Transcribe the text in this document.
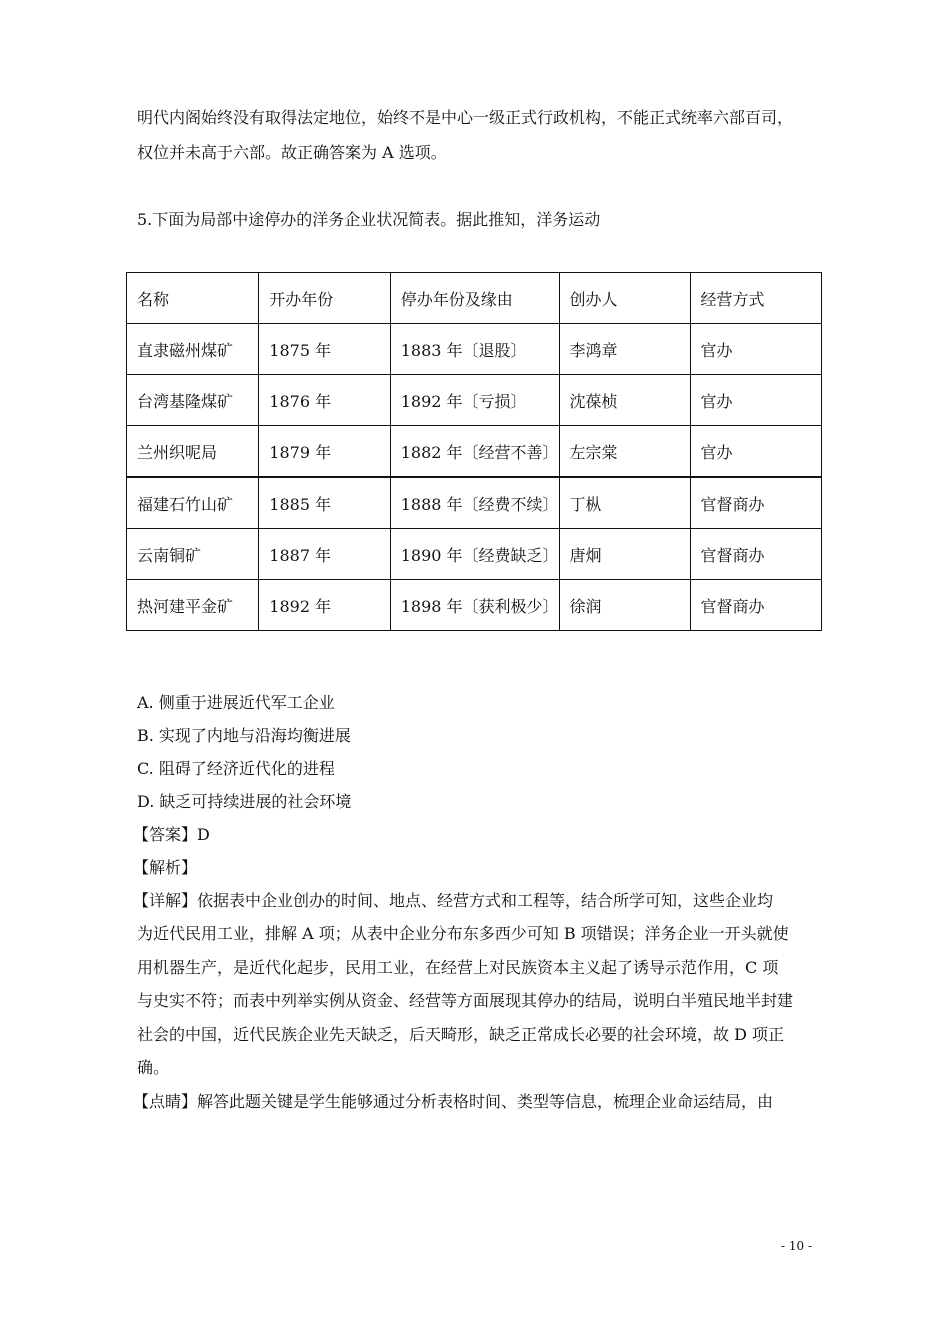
明代内阁始终没有取得法定地位，始终不是中心一级正式行政机构，不能正式统率六部百司，
权位并未高于六部。故正确答案为 A 选项。
5.下面为局部中途停办的洋务企业状况简表。据此推知，洋务运动
名称	开办年份	停办年份及缘由	创办人	经营方式
直隶磁州煤矿	1875 年	1883 年〔退股〕	李鸿章	官办
台湾基隆煤矿	1876 年	1892 年〔亏损〕	沈葆桢	官办
兰州织呢局	1879 年	1882 年〔经营不善〕	左宗棠	官办
福建石竹山矿	1885 年	1888 年〔经费不续〕	丁枞	官督商办
云南铜矿	1887 年	1890 年〔经费缺乏〕	唐炯	官督商办
热河建平金矿	1892 年	1898 年〔获利极少〕	徐润	官督商办
A. 侧重于进展近代军工企业
B. 实现了内地与沿海均衡进展
C. 阻碍了经济近代化的进程
D. 缺乏可持续进展的社会环境
【答案】D
【解析】
【详解】依据表中企业创办的时间、地点、经营方式和工程等，结合所学可知，这些企业均
为近代民用工业，排解 A 项；从表中企业分布东多西少可知 B 项错误；洋务企业一开头就使
用机器生产，是近代化起步，民用工业，在经营上对民族资本主义起了诱导示范作用，C 项
与史实不符；而表中列举实例从资金、经营等方面展现其停办的结局，说明白半殖民地半封建
社会的中国，近代民族企业先天缺乏，后天畸形，缺乏正常成长必要的社会环境，故 D 项正
确。
【点睛】解答此题关键是学生能够通过分析表格时间、类型等信息，梳理企业命运结局，由
- 10 -
